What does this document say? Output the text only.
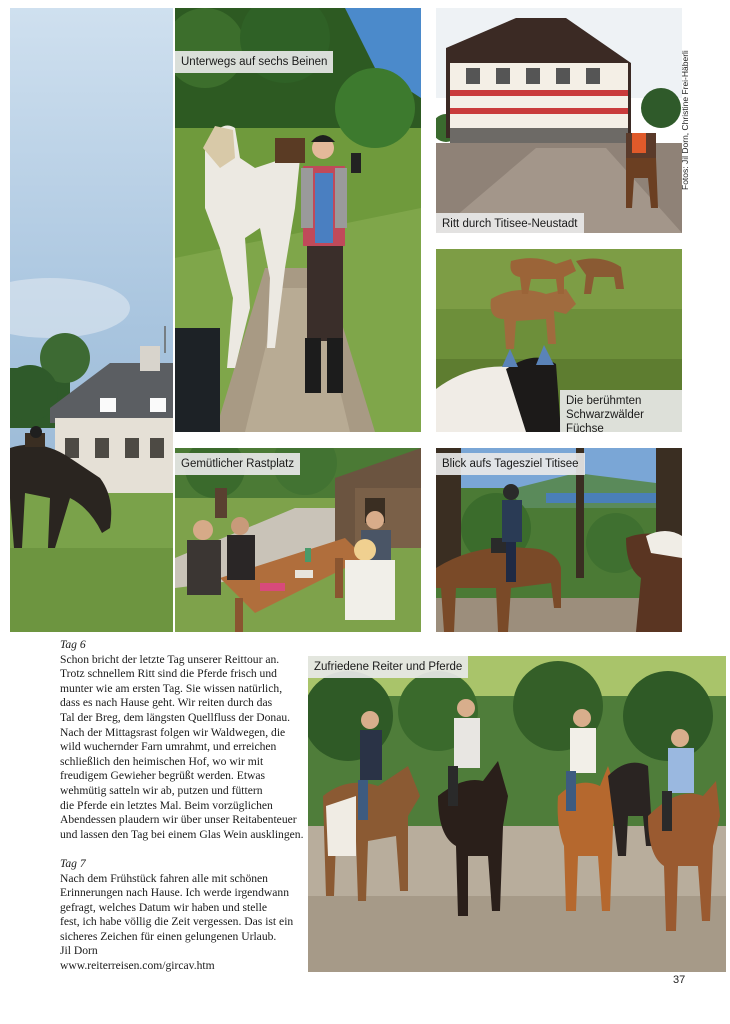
Unterwegs auf sechs Beinen
Ritt durch Titisee-Neustadt
Fotos: Jil Dorn, Christine Frei-Häberli
Die berühmten
Schwarzwälder Füchse
Gemütlicher Rastplatz	Blick aufs Tagesziel Titisee
Tag 6
Schon bricht der letzte Tag unserer Reittour an.
Trotz schnellem Ritt sind die Pferde frisch und
munter wie am ersten Tag. Sie wissen natürlich,
dass es nach Hause geht. Wir reiten durch das
Tal der Breg, dem längsten Quellfluss der Donau.
Nach der Mittagsrast folgen wir Waldwegen, die
wild wuchernder Farn umrahmt, und erreichen
schließlich den heimischen Hof, wo wir mit
freudigem Gewieher begrüßt werden. Etwas
wehmütig satteln wir ab, putzen und füttern
die Pferde ein letztes Mal. Beim vorzüglichen
Abendessen plaudern wir über unser Reitabenteuer
und lassen den Tag bei einem Glas Wein ausklingen.
Tag 7
Nach dem Frühstück fahren alle mit schönen
Erinnerungen nach Hause. Ich werde irgendwann
gefragt, welches Datum wir haben und stelle
fest, ich habe völlig die Zeit vergessen. Das ist ein
sicheres Zeichen für einen gelungenen Urlaub.
Jil Dorn
www.reiterreisen.com/gircav.htm
Zufriedene Reiter und Pferde
37
